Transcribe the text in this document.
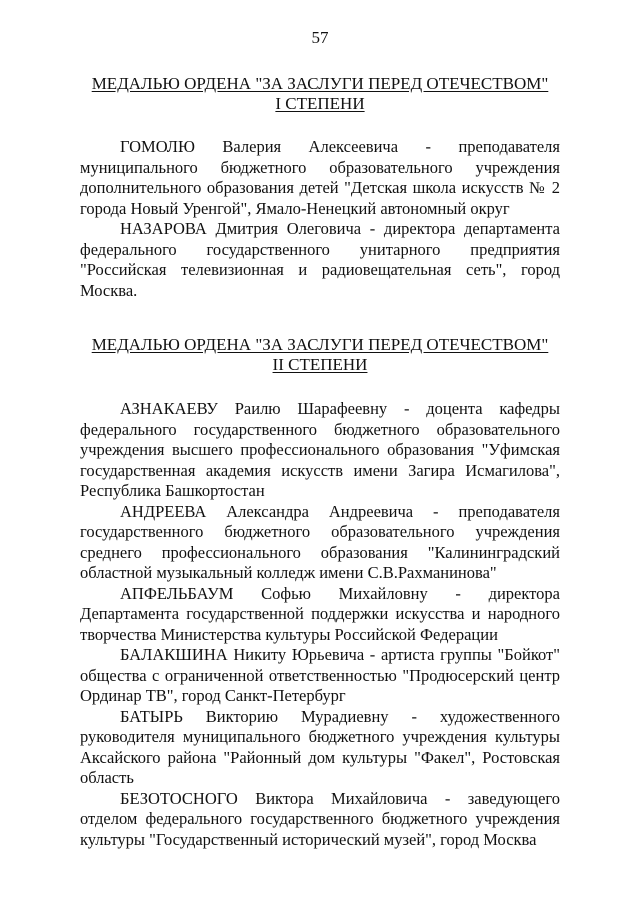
57
МЕДАЛЬЮ ОРДЕНА "ЗА ЗАСЛУГИ ПЕРЕД ОТЕЧЕСТВОМ"
I СТЕПЕНИ

ГОМОЛЮ Валерия Алексеевича - преподавателя муниципального бюджетного образовательного учреждения дополнительного образования детей "Детская школа искусств № 2 города Новый Уренгой", Ямало-Ненецкий автономный округ

НАЗАРОВА Дмитрия Олеговича - директора департамента федерального государственного унитарного предприятия "Российская телевизионная и радиовещательная сеть", город Москва.

МЕДАЛЬЮ ОРДЕНА "ЗА ЗАСЛУГИ ПЕРЕД ОТЕЧЕСТВОМ"
II СТЕПЕНИ

АЗНАКАЕВУ Раилю Шарафеевну - доцента кафедры федерального государственного бюджетного образовательного учреждения высшего профессионального образования "Уфимская государственная академия искусств имени Загира Исмагилова", Республика Башкортостан

АНДРЕЕВА Александра Андреевича - преподавателя государственного бюджетного образовательного учреждения среднего профессионального образования "Калининградский областной музыкальный колледж имени С.В.Рахманинова"

АПФЕЛЬБАУМ Софью Михайловну - директора Департамента государственной поддержки искусства и народного творчества Министерства культуры Российской Федерации

БАЛАКШИНА Никиту Юрьевича - артиста группы "Бойкот" общества с ограниченной ответственностью "Продюсерский центр Ординар ТВ", город Санкт-Петербург

БАТЫРЬ Викторию Мурадиевну - художественного руководителя муниципального бюджетного учреждения культуры Аксайского района "Районный дом культуры "Факел", Ростовская область

БЕЗОТОСНОГО Виктора Михайловича - заведующего отделом федерального государственного бюджетного учреждения культуры "Государственный исторический музей", город Москва
